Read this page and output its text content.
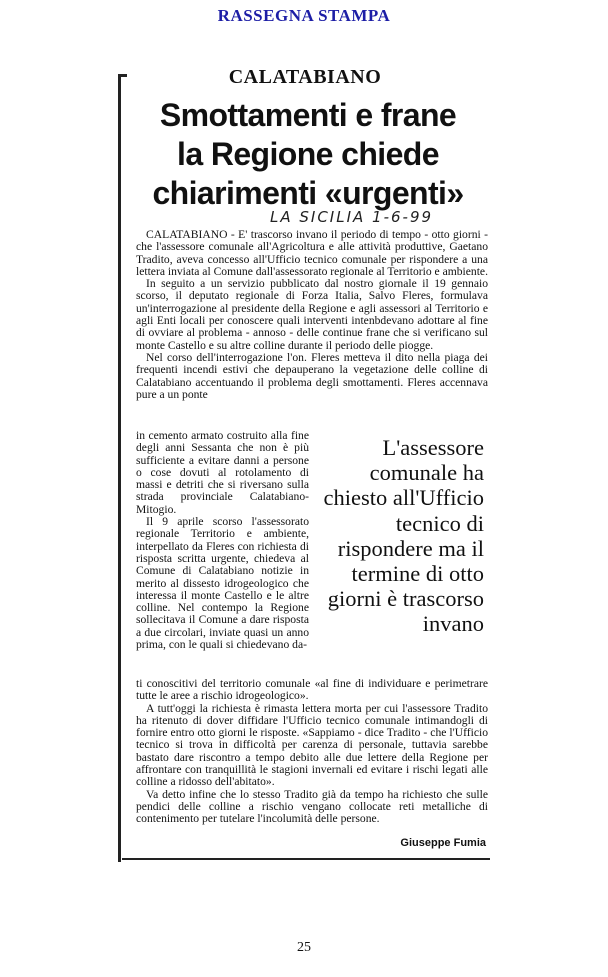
RASSEGNA STAMPA
CALATABIANO
Smottamenti e frane
la Regione chiede
chiarimenti «urgenti»
LA SICILIA 1-6-99

CALATABIANO - E' trascorso invano il periodo di tempo - otto giorni - che l'assessore comunale all'Agricoltura e alle attività produttive, Gaetano Tradito, aveva concesso all'Ufficio tecnico comunale per rispondere a una lettera inviata al Comune dall'assessorato regionale al Territorio e ambiente.

In seguito a un servizio pubblicato dal nostro giornale il 19 gennaio scorso, il deputato regionale di Forza Italia, Salvo Fleres, formulava un'interrogazione al presidente della Regione e agli assessori al Territorio e agli Enti locali per conoscere quali interventi intenbdevano adottare al fine di ovviare al problema - annoso - delle continue frane che si verificano sul monte Castello e su altre colline durante il periodo delle piogge.

Nel corso dell'interrogazione l'on. Fleres metteva il dito nella piaga dei frequenti incendi estivi che depauperano la vegetazione delle colline di Calatabiano accentuando il problema degli smottamenti. Fleres accennava pure a un ponte

in cemento armato costruito alla fine degli anni Sessanta che non è più sufficiente a evitare danni a persone o cose dovuti al rotolamento di massi e detriti che si riversano sulla strada provinciale Calatabiano-Mitogio.

Il 9 aprile scorso l'assessorato regionale Territorio e ambiente, interpellato da Fleres con richiesta di risposta scritta urgente, chiedeva al Comune di Calatabiano notizie in merito al dissesto idrogeologico che interessa il monte Castello e le altre colline. Nel contempo la Regione sollecitava il Comune a dare risposta a due circolari, inviate quasi un anno prima, con le quali si chiedevano da-

L'assessore comunale ha chiesto all'Ufficio tecnico di rispondere ma il termine di otto giorni è trascorso invano

ti conoscitivi del territorio comunale «al fine di individuare e perimetrare tutte le aree a rischio idrogeologico».

A tutt'oggi la richiesta è rimasta lettera morta per cui l'assessore Tradito ha ritenuto di dover diffidare l'Ufficio tecnico comunale intimandogli di fornire entro otto giorni le risposte. «Sappiamo - dice Tradito - che l'Ufficio tecnico si trova in difficoltà per carenza di personale, tuttavia sarebbe bastato dare riscontro a tempo debito alle due lettere della Regione per affrontare con tranquillità le stagioni invernali ed evitare i rischi legati alle colline a ridosso dell'abitato».

Va detto infine che lo stesso Tradito già da tempo ha richiesto che sulle pendici delle colline a rischio vengano collocate reti metalliche di contenimento per tutelare l'incolumità delle persone.

Giuseppe Fumia
25
